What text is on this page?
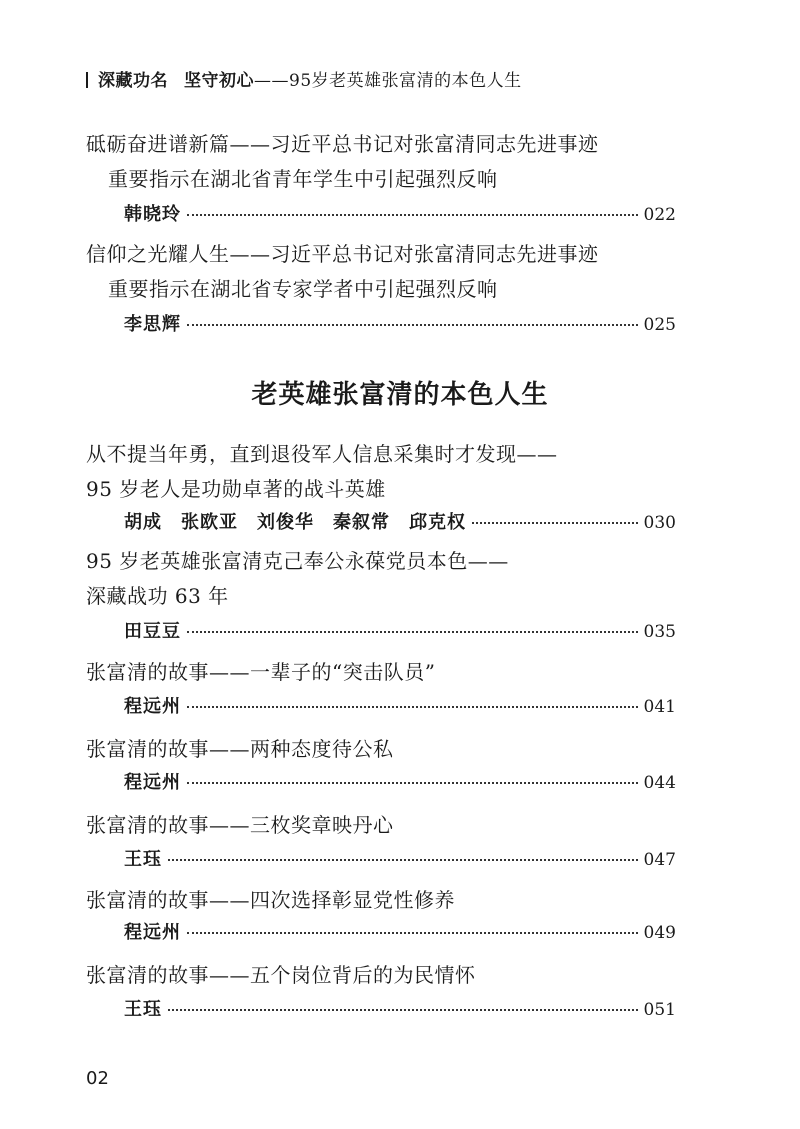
深藏功名 坚守初心——95岁老英雄张富清的本色人生
砥砺奋进谱新篇——习近平总书记对张富清同志先进事迹
重要指示在湖北省青年学生中引起强烈反响
韩晓玲	022
信仰之光耀人生——习近平总书记对张富清同志先进事迹
重要指示在湖北省专家学者中引起强烈反响
李思辉	025
老英雄张富清的本色人生
从不提当年勇，直到退役军人信息采集时才发现——
95 岁老人是功勋卓著的战斗英雄
胡成　张欧亚　刘俊华　秦叙常　邱克权	030
95 岁老英雄张富清克己奉公永葆党员本色——
深藏战功 63 年
田豆豆	035
张富清的故事——一辈子的“突击队员”
程远州	041
张富清的故事——两种态度待公私
程远州	044
张富清的故事——三枚奖章映丹心
王珏	047
张富清的故事——四次选择彰显党性修养
程远州	049
张富清的故事——五个岗位背后的为民情怀
王珏	051
02
